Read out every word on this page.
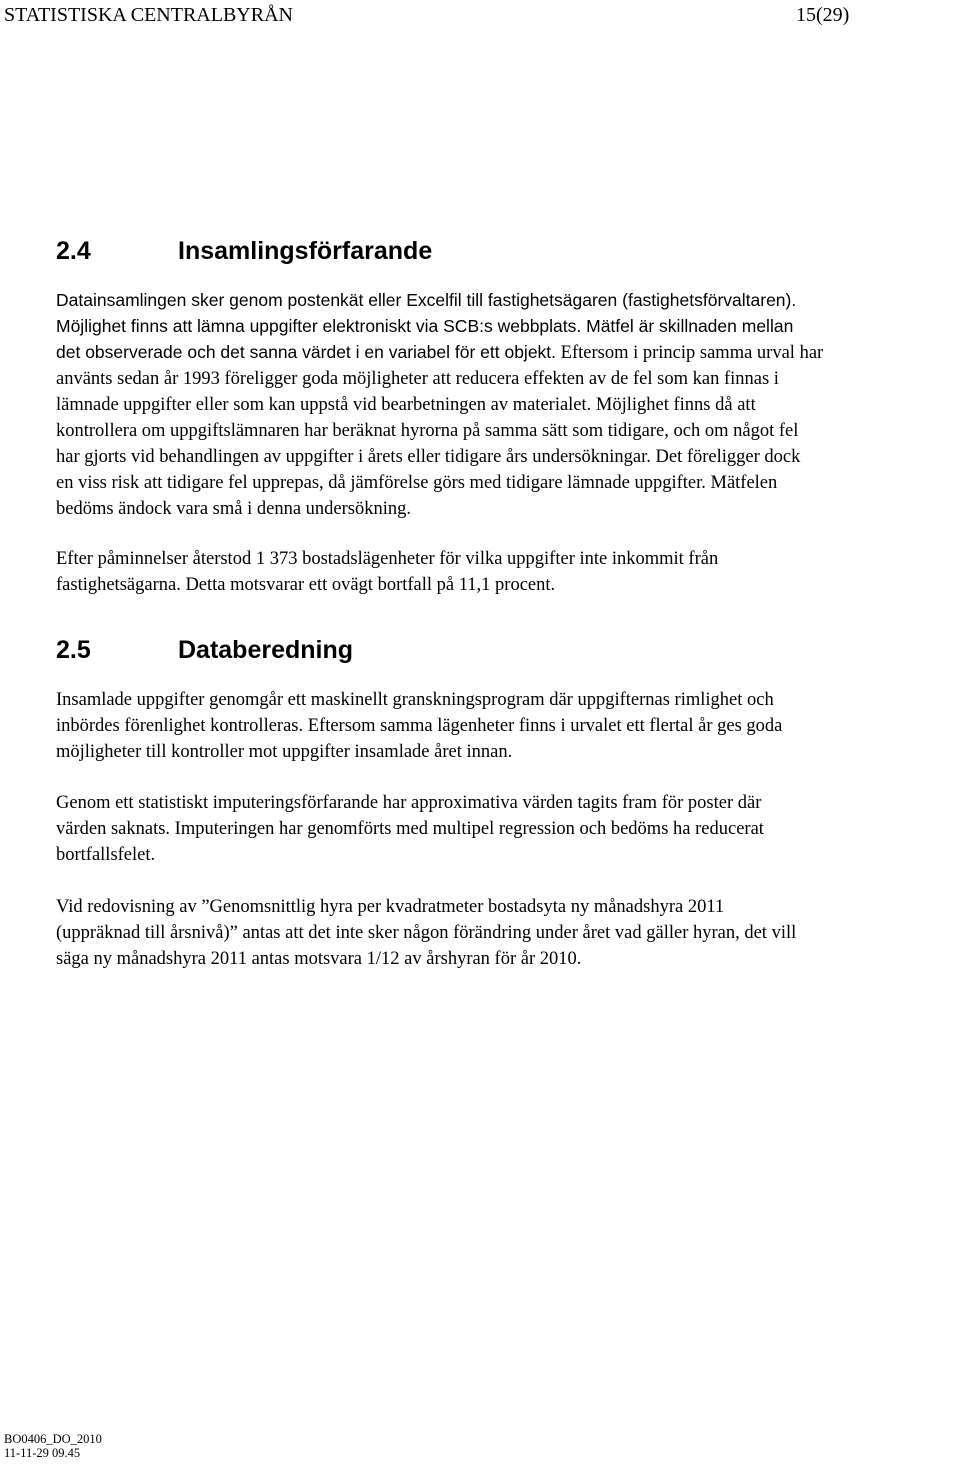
STATISTISKA CENTRALBYRÅN	15(29)
2.4	Insamlingsförfarande
Datainsamlingen sker genom postenkät eller Excelfil till fastighetsägaren (fastighetsförvaltaren).
Möjlighet finns att lämna uppgifter elektroniskt via SCB:s webbplats. Mätfel är skillnaden mellan
det observerade och det sanna värdet i en variabel för ett objekt. Eftersom i princip samma urval har
använts sedan år 1993 föreligger goda möjligheter att reducera effekten av de fel som kan finnas i
lämnade uppgifter eller som kan uppstå vid bearbetningen av materialet. Möjlighet finns då att
kontrollera om uppgiftslämnaren har beräknat hyrorna på samma sätt som tidigare, och om något fel
har gjorts vid behandlingen av uppgifter i årets eller tidigare års undersökningar. Det föreligger dock
en viss risk att tidigare fel upprepas, då jämförelse görs med tidigare lämnade uppgifter. Mätfelen
bedöms ändock vara små i denna undersökning.
Efter påminnelser återstod 1 373 bostadslägenheter för vilka uppgifter inte inkommit från
fastighetsägarna. Detta motsvarar ett ovägt bortfall på 11,1 procent.
2.5	Databeredning
Insamlade uppgifter genomgår ett maskinellt granskningsprogram där uppgifternas rimlighet och
inbördes förenlighet kontrolleras. Eftersom samma lägenheter finns i urvalet ett flertal år ges goda
möjligheter till kontroller mot uppgifter insamlade året innan.
Genom ett statistiskt imputeringsförfarande har approximativa värden tagits fram för poster där
värden saknats. Imputeringen har genomförts med multipel regression och bedöms ha reducerat
bortfallsfelet.
Vid redovisning av ”Genomsnittlig hyra per kvadratmeter bostadsyta ny månadshyra 2011
(uppräknad till årsnivå)” antas att det inte sker någon förändring under året vad gäller hyran, det vill
säga ny månadshyra 2011 antas motsvara 1/12 av årshyran för år 2010.
BO0406_DO_2010
11-11-29 09.45
